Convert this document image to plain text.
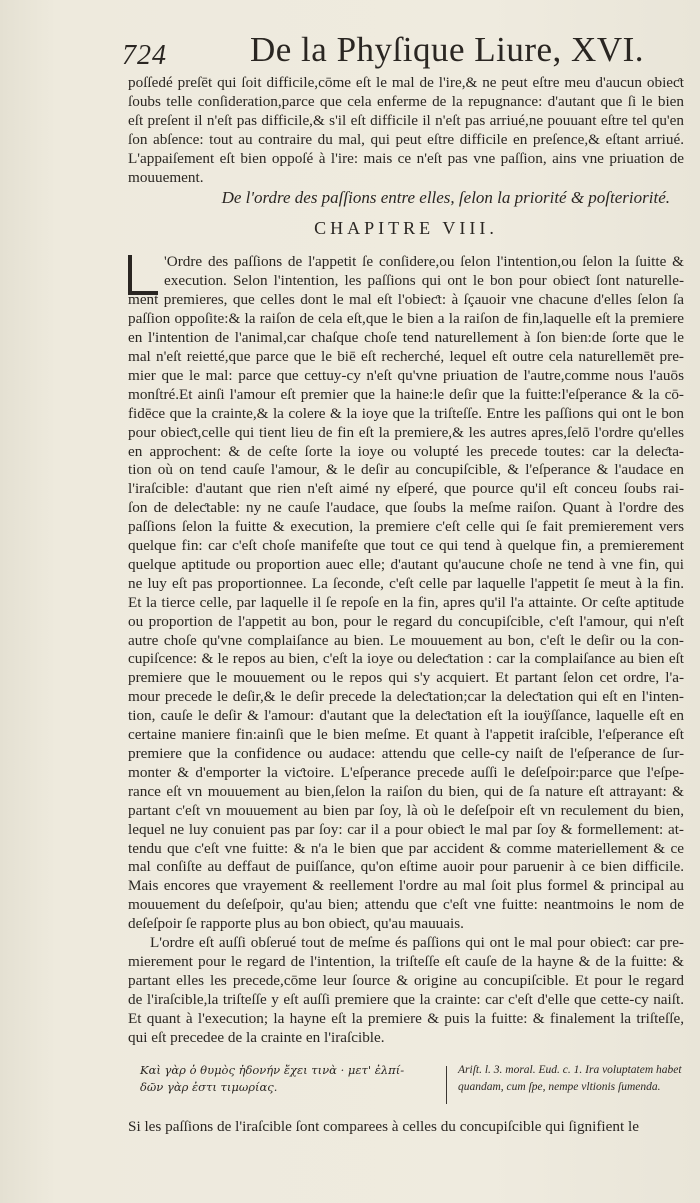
724 De la Phyſique Liure, XVI.
poſſedé preſēt qui ſoit difficile,cōme eſt le mal de l'ire,& ne peut eſtre meu d'aucun obieƈt
ſoubs telle conſideration,parce que cela enferme de la repugnance: d'autant que ſi le bien
eſt preſent il n'eſt pas difficile,& s'il eſt difficile il n'eſt pas arriué,ne pouuant eſtre tel qu'en
ſon abſence: tout au contraire du mal, qui peut eſtre difficile en preſence,& eſtant arriué.
L'appaiſement eſt bien oppoſé à l'ire: mais ce n'eſt pas vne paſſion, ains vne priuation de
mouuement.
De l'ordre des paſſions entre elles, ſelon la priorité & poſteriorité.
CHAPITRE VIII.
'Ordre des paſſions de l'appetit ſe conſidere,ou ſelon l'intention,ou ſelon la ſuitte &
execution. Selon l'intention, les paſſions qui ont le bon pour obieƈt ſont naturelle-
ment premieres, que celles dont le mal eſt l'obieƈt: à ſçauoir vne chacune d'elles ſelon ſa
paſſion oppoſite:& la raiſon de cela eſt,que le bien a la raiſon de fin,laquelle eſt la premiere
en l'intention de l'animal,car chaſque choſe tend naturellement à ſon bien:de ſorte que le
mal n'eſt reietté,que parce que le biē eſt recherché, lequel eſt outre cela naturellemēt pre-
mier que le mal: parce que cettuy-cy n'eſt qu'vne priuation de l'autre,comme nous l'auōs
monſtré.Et ainſi l'amour eſt premier que la haine:le deſir que la fuitte:l'eſperance & la cō-
fidēce que la crainte,& la colere & la ioye que la triſteſſe. Entre les paſſions qui ont le bon
pour obieƈt,celle qui tient lieu de fin eſt la premiere,& les autres apres,ſelō l'ordre qu'elles
en approchent: & de ceſte ſorte la ioye ou volupté les precede toutes: car la deleƈta-
tion où on tend cauſe l'amour, & le deſir au concupiſcible, & l'eſperance & l'audace en
l'iraſcible: d'autant que rien n'eſt aimé ny eſperé, que pource qu'il eſt conceu ſoubs rai-
ſon de deleƈtable: ny ne cauſe l'audace, que ſoubs la meſme raiſon. Quant à l'ordre des
paſſions ſelon la fuitte & execution, la premiere c'eſt celle qui ſe fait premierement vers
quelque fin: car c'eſt choſe manifeſte que tout ce qui tend à quelque fin, a premierement
quelque aptitude ou proportion auec elle; d'autant qu'aucune choſe ne tend à vne fin, qui
ne luy eſt pas proportionnee. La ſeconde, c'eſt celle par laquelle l'appetit ſe meut à la fin.
Et la tierce celle, par laquelle il ſe repoſe en la fin, apres qu'il l'a attainte. Or ceſte aptitude
ou proportion de l'appetit au bon, pour le regard du concupiſcible, c'eſt l'amour, qui n'eſt
autre choſe qu'vne complaiſance au bien. Le mouuement au bon, c'eſt le deſir ou la con-
cupiſcence: & le repos au bien, c'eſt la ioye ou deleƈtation : car la complaiſance au bien eſt
premiere que le mouuement ou le repos qui s'y acquiert. Et partant ſelon cet ordre, l'a-
mour precede le deſir,& le deſir precede la deleƈtation;car la deleƈtation qui eſt en l'inten-
tion, cauſe le deſir & l'amour: d'autant que la deleƈtation eſt la iouÿſſance, laquelle eſt en
certaine maniere fin:ainſi que le bien meſme. Et quant à l'appetit iraſcible, l'eſperance eſt
premiere que la confidence ou audace: attendu que celle-cy naiſt de l'eſperance de ſur-
monter & d'emporter la viƈtoire. L'eſperance precede auſſi le deſeſpoir:parce que l'eſpe-
rance eſt vn mouuement au bien,ſelon la raiſon du bien, qui de ſa nature eſt attrayant: &
partant c'eſt vn mouuement au bien par ſoy, là où le deſeſpoir eſt vn reculement du bien,
lequel ne luy conuient pas par ſoy: car il a pour obieƈt le mal par ſoy & formellement: at-
tendu que c'eſt vne fuitte: & n'a le bien que par accident & comme materiellement & ce
mal conſiſte au deffaut de puiſſance, qu'on eſtime auoir pour paruenir à ce bien difficile.
Mais encores que vrayement & reellement l'ordre au mal ſoit plus formel & principal au
mouuement du deſeſpoir, qu'au bien; attendu que c'eſt vne fuitte: neantmoins le nom de
deſeſpoir ſe rapporte plus au bon obieƈt, qu'au mauuais.
L'ordre eſt auſſi obſerué tout de meſme és paſſions qui ont le mal pour obieƈt: car pre-
mierement pour le regard de l'intention, la triſteſſe eſt cauſe de la hayne & de la fuitte: &
partant elles les precede,cōme leur ſource & origine au concupiſcible. Et pour le regard
de l'iraſcible,la triſteſſe y eſt auſſi premiere que la crainte: car c'eſt d'elle que cette-cy naiſt.
Et quant à l'execution; la hayne eſt la premiere & puis la fuitte: & finalement la triſteſſe,
qui eſt precedee de la crainte en l'iraſcible.
Καὶ γὰρ ὁ θυμὸς ἡδονήν ἔχει τινὰ · μετ' ἐλπί-
δῶν γὰρ ἐστι τιμωρίας.
Ariſt. l. 3. moral. Eud. c. 1. Ira voluptatem habet
quandam, cum ſpe, nempe vltionis ſumenda.
Si les paſſions de l'iraſcible ſont comparees à celles du concupiſcible qui ſignifient le
